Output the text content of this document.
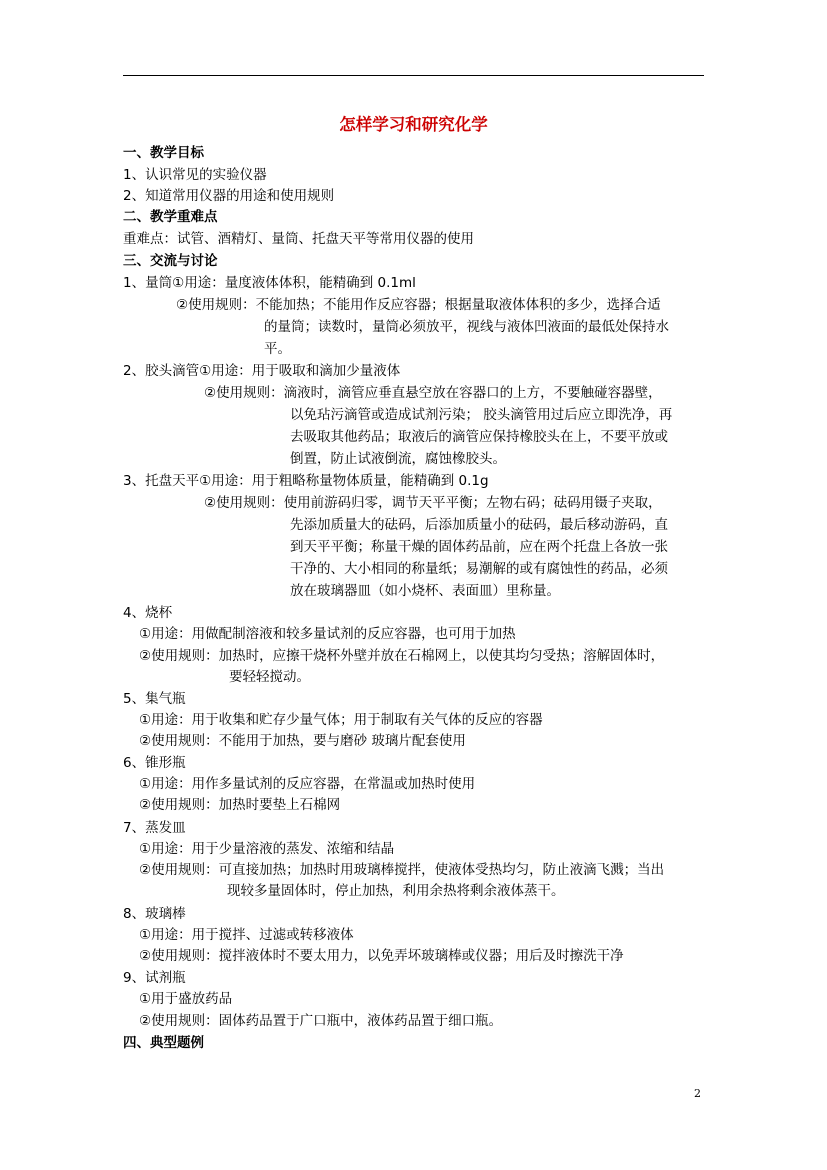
怎样学习和研究化学
一、教学目标
1、认识常见的实验仪器
2、知道常用仪器的用途和使用规则
二、教学重难点
重难点：试管、酒精灯、量筒、托盘天平等常用仪器的使用
三、交流与讨论
1、量筒①用途：量度液体体积，能精确到 0.1ml
②使用规则：不能加热；不能用作反应容器；根据量取液体体积的多少，选择合适
的量筒；读数时，量筒必须放平，视线与液体凹液面的最低处保持水
平。
2、胶头滴管①用途：用于吸取和滴加少量液体
②使用规则：滴液时，滴管应垂直悬空放在容器口的上方，不要触碰容器壁，
以免玷污滴管或造成试剂污染； 胶头滴管用过后应立即洗净，再
去吸取其他药品；取液后的滴管应保持橡胶头在上，不要平放或
倒置，防止试液倒流，腐蚀橡胶头。
3、托盘天平①用途：用于粗略称量物体质量，能精确到 0.1g
②使用规则：使用前游码归零，调节天平平衡；左物右码；砝码用镊子夹取，
先添加质量大的砝码，后添加质量小的砝码，最后移动游码，直
到天平平衡；称量干燥的固体药品前，应在两个托盘上各放一张
干净的、大小相同的称量纸；易潮解的或有腐蚀性的药品，必须
放在玻璃器皿（如小烧杯、表面皿）里称量。
4、烧杯
①用途：用做配制溶液和较多量试剂的反应容器，也可用于加热
②使用规则：加热时，应擦干烧杯外壁并放在石棉网上，以使其均匀受热；溶解固体时，
要轻轻搅动。
5、集气瓶
①用途：用于收集和贮存少量气体；用于制取有关气体的反应的容器
②使用规则：不能用于加热，要与磨砂 玻璃片配套使用
6、锥形瓶
①用途：用作多量试剂的反应容器，在常温或加热时使用
②使用规则：加热时要垫上石棉网
7、蒸发皿
①用途：用于少量溶液的蒸发、浓缩和结晶
②使用规则：可直接加热；加热时用玻璃棒搅拌，使液体受热均匀，防止液滴飞溅；当出
现较多量固体时，停止加热，利用余热将剩余液体蒸干。
8、玻璃棒
①用途：用于搅拌、过滤或转移液体
②使用规则：搅拌液体时不要太用力，以免弄坏玻璃棒或仪器；用后及时擦洗干净
9、试剂瓶
①用于盛放药品
②使用规则：固体药品置于广口瓶中，液体药品置于细口瓶。
四、典型题例
2
